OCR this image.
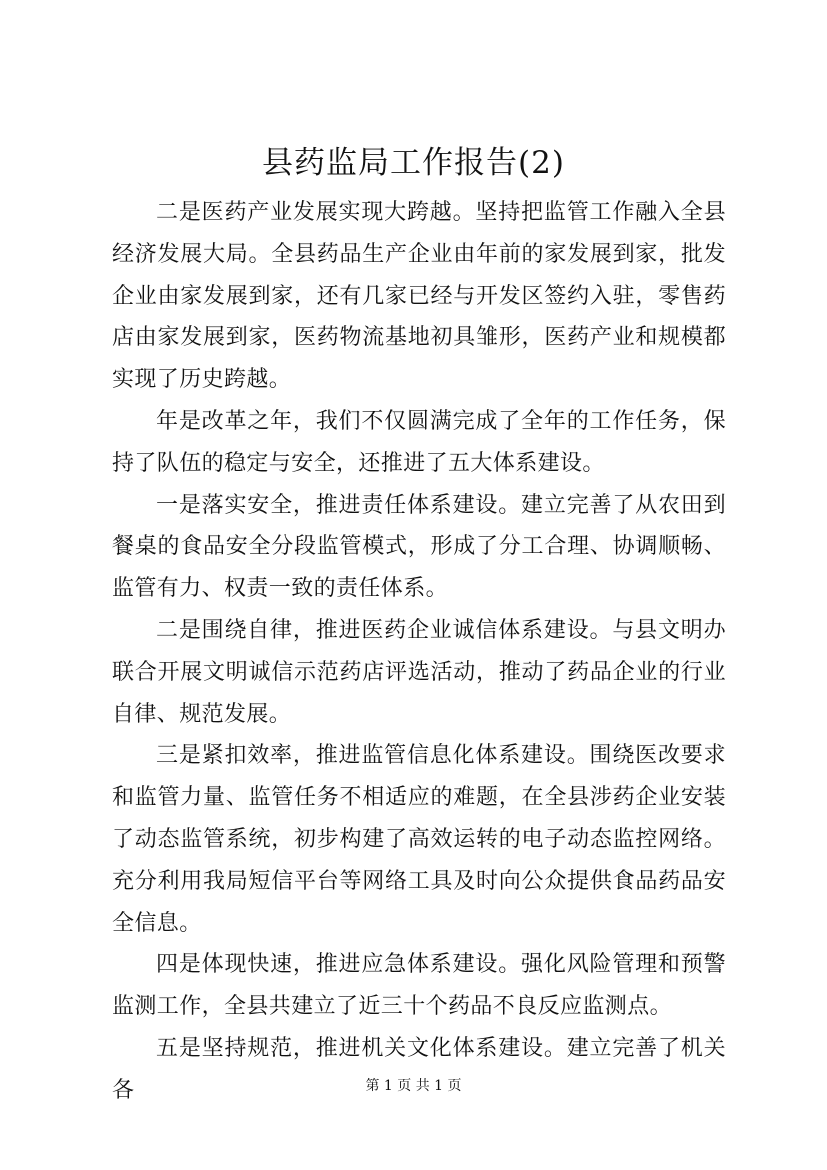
县药监局工作报告(2)

二是医药产业发展实现大跨越。坚持把监管工作融入全县经济发展大局。全县药品生产企业由年前的家发展到家，批发企业由家发展到家，还有几家已经与开发区签约入驻，零售药店由家发展到家，医药物流基地初具雏形，医药产业和规模都实现了历史跨越。

年是改革之年，我们不仅圆满完成了全年的工作任务，保持了队伍的稳定与安全，还推进了五大体系建设。

一是落实安全，推进责任体系建设。建立完善了从农田到餐桌的食品安全分段监管模式，形成了分工合理、协调顺畅、监管有力、权责一致的责任体系。

二是围绕自律，推进医药企业诚信体系建设。与县文明办联合开展文明诚信示范药店评选活动，推动了药品企业的行业自律、规范发展。

三是紧扣效率，推进监管信息化体系建设。围绕医改要求和监管力量、监管任务不相适应的难题，在全县涉药企业安装了动态监管系统，初步构建了高效运转的电子动态监控网络。充分利用我局短信平台等网络工具及时向公众提供食品药品安全信息。

四是体现快速，推进应急体系建设。强化风险管理和预警监测工作，全县共建立了近三十个药品不良反应监测点。

五是坚持规范，推进机关文化体系建设。建立完善了机关各	第 1 页 共 1 页
